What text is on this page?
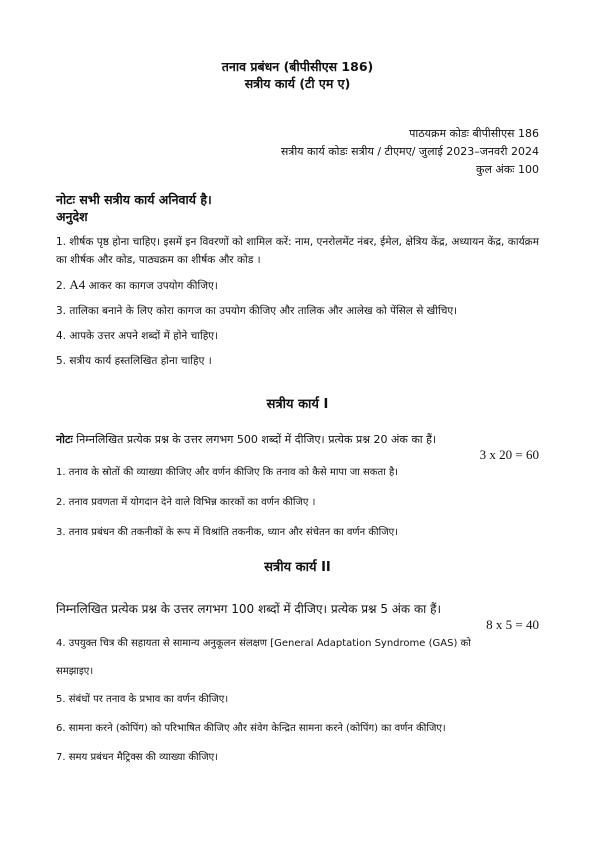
तनाव प्रबंधन (बीपीसीएस 186)
सत्रीय कार्य (टी एम ए)
पाठयक्रम कोडः बीपीसीएस 186
सत्रीय कार्य कोडः सत्रीय / टीएमए/ जुलाई 2023–जनवरी 2024
कुल अंकः 100
नोटः सभी सत्रीय कार्य अनिवार्य है।
अनुदेश

1. शीर्षक पृष्ठ होना चाहिए। इसमें इन विवरणों को शामिल करें: नाम, एनरोलमेंट नंबर, ईमेल, क्षेत्रिय केंद्र, अध्यायन केंद्र, कार्यक्रम का शीर्षक और कोड, पाठ्यक्रम का शीर्षक और कोड ।

2. A4 आकर का कागज उपयोग कीजिए।

3. तालिका बनाने के लिए कोरा कागज का उपयोग कीजिए और तालिक और आलेख को पेंसिल से खीचिए।

4. आपके उत्तर अपने शब्दों में होने चाहिए।

5. सत्रीय कार्य हस्तलिखित होना चाहिए ।

सत्रीय कार्य I
नोटः निम्नलिखित प्रत्येक प्रश्न के उत्तर लगभग 500 शब्दों में दीजिए। प्रत्येक प्रश्न 20 अंक का हैं।
3 x 20 = 60

1. तनाव के स्रोतों की व्याख्या कीजिए और वर्णन कीजिए कि तनाव को कैसे मापा जा सकता है।

2. तनाव प्रवणता में योगदान देने वाले विभिन्न कारकों का वर्णन कीजिए ।

3. तनाव प्रबंधन की तकनीकों के रूप में विश्रांति तकनीक, ध्यान और संचेतन का वर्णन कीजिए।

सत्रीय कार्य II
निम्नलिखित प्रत्येक प्रश्न के उत्तर लगभग 100 शब्दों में दीजिए। प्रत्येक प्रश्न 5 अंक का हैं।
8 x 5 = 40

4. उपयुक्त चित्र की सहायता से सामान्य अनुकूलन संलक्षण [General Adaptation Syndrome (GAS) को

समझाइए।

5. संबंधों पर तनाव के प्रभाव का वर्णन कीजिए।

6. सामना करने (कोपिंग) को परिभाषित कीजिए और संवेग केन्द्रित सामना करने (कोपिंग) का वर्णन कीजिए।

7. समय प्रबंधन मैट्रिक्स की व्याख्या कीजिए।
